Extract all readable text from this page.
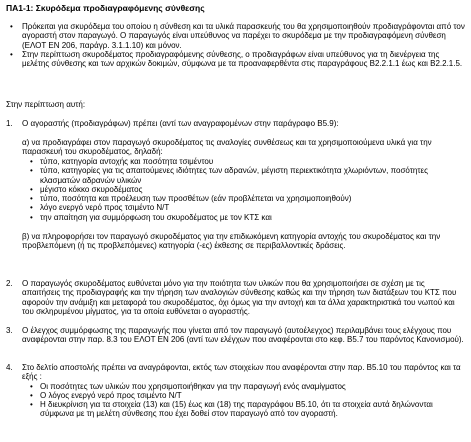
ΠΑ1-1: Σκυρόδεμα προδιαγραφόμενης σύνθεσης

• Πρόκειται για σκυρόδεμα του οποίου η σύνθεση και τα υλικά παρασκευής του θα χρησιμοποιηθούν προδιαγράφονται από τον αγοραστή στον παραγωγό. Ο παραγωγός είναι υπεύθυνος να παρέχει το σκυρόδεμα με την προδιαγραφόμενη σύνθεση (ΕΛΟΤ ΕΝ 206, παράγρ. 3.1.1.10) και μόνον.

• Στην περίπτωση σκυροδέματος προδιαγραφόμενης σύνθεσης, ο προδιαγράφων είναι υπεύθυνος για τη διενέργεια της μελέτης σύνθεσης και των αρχικών δοκιμών, σύμφωνα με τα προαναφερθέντα στις παραγράφους Β2.2.1.1 έως και Β2.2.1.5.

Στην περίπτωση αυτή:

1. Ο αγοραστής (προδιαγράφων) πρέπει (αντί των αναγραφομένων στην παράγραφο Β5.9):

α) να προδιαγράφει στον παραγωγό σκυροδέματος τις αναλογίες συνθέσεως και τα χρησιμοποιούμενα υλικά για την παρασκευή του σκυροδέματος, δηλαδή:

• τύπο, κατηγορία αντοχής και ποσότητα τσιμέντου

• τύπο, κατηγορίες για τις απαιτούμενες ιδιότητες των αδρανών, μέγιστη περιεκτικότητα χλωριόντων, ποσότητες κλασματών αδρανών υλικών

• μέγιστο κόκκο σκυροδέματος

• τύπο, ποσότητα και προέλευση των προσθέτων (εάν προβλέπεται να χρησιμοποιηθούν)

• λόγο ενεργό νερό προς τσιμέντο Ν/Τ

• την απαίτηση για συμμόρφωση του σκυροδέματος με τον ΚΤΣ και

β) να πληροφορήσει τον παραγωγό σκυροδέματος για την επιδιωκόμενη κατηγορία αντοχής του σκυροδέματος και την προβλεπόμενη (ή τις προβλεπόμενες) κατηγορία (-ες) έκθεσης σε περιβαλλοντικές δράσεις.

2. Ο παραγωγός σκυροδέματος ευθύνεται μόνο για την ποιότητα των υλικών που θα χρησιμοποιήσει σε σχέση με τις απαιτήσεις της προδιαγραφής και την τήρηση των αναλογιών σύνθεσης καθώς και την τήρηση των διατάξεων του ΚΤΣ που αφορούν την ανάμιξη και μεταφορά του σκυροδέματος, όχι όμως για την αντοχή και τα άλλα χαρακτηριστικά του νωπού και του σκληρυμένου μίγματος, για τα οποία ευθύνεται ο αγοραστής.

3. Ο έλεγχος συμμόρφωσης της παραγωγής που γίνεται από τον παραγωγό (αυτοέλεγχος) περιλαμβάνει τους ελέγχους που αναφέρονται στην παρ. 8.3 του ΕΛΟΤ ΕΝ 206 (αντί των ελέγχων που αναφέρονται στο κεφ. Β5.7 του παρόντος Κανονισμού).

4. Στο δελτίο αποστολής πρέπει να αναγράφονται, εκτός των στοιχείων που αναφέρονται στην παρ. Β5.10 του παρόντος και τα εξής :

• Οι ποσότητες των υλικών που χρησιμοποιήθηκαν για την παραγωγή ενός αναμίγματος

• Ο λόγος ενεργό νερό προς τσιμέντο Ν/Τ

• Η διευκρίνιση για τα στοιχεία (13) και (15) έως και (18) της παραγράφου Β5.10, ότι τα στοιχεία αυτά δηλώνονται σύμφωνα με τη μελέτη σύνθεσης που έχει δοθεί στον παραγωγό από τον αγοραστή.
